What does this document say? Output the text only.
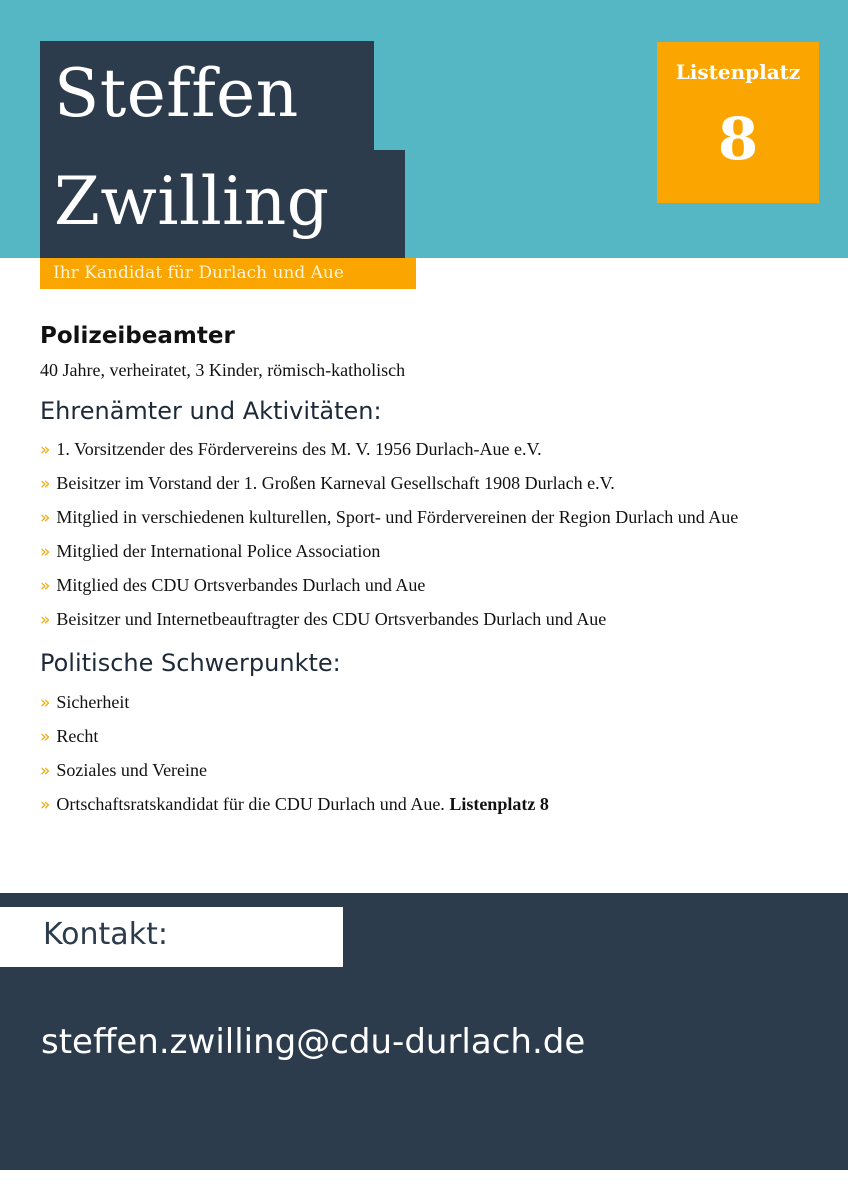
Steffen
Zwilling
Ihr Kandidat für Durlach und Aue
Listenplatz
8
Polizeibeamter
40 Jahre, verheiratet, 3 Kinder, römisch-katholisch
Ehrenämter und Aktivitäten:
» 1. Vorsitzender des Fördervereins des M. V. 1956 Durlach-Aue e.V.
» Beisitzer im Vorstand der 1. Großen Karneval Gesellschaft 1908 Durlach e.V.
» Mitglied in verschiedenen kulturellen, Sport- und Fördervereinen der Region Durlach und Aue
» Mitglied der International Police Association
» Mitglied des CDU Ortsverbandes Durlach und Aue
» Beisitzer und Internetbeauftragter des CDU Ortsverbandes Durlach und Aue
Politische Schwerpunkte:
» Sicherheit
» Recht
» Soziales und Vereine
» Ortschaftsratskandidat für die CDU Durlach und Aue. Listenplatz 8
Kontakt:
steffen.zwilling@cdu-durlach.de
